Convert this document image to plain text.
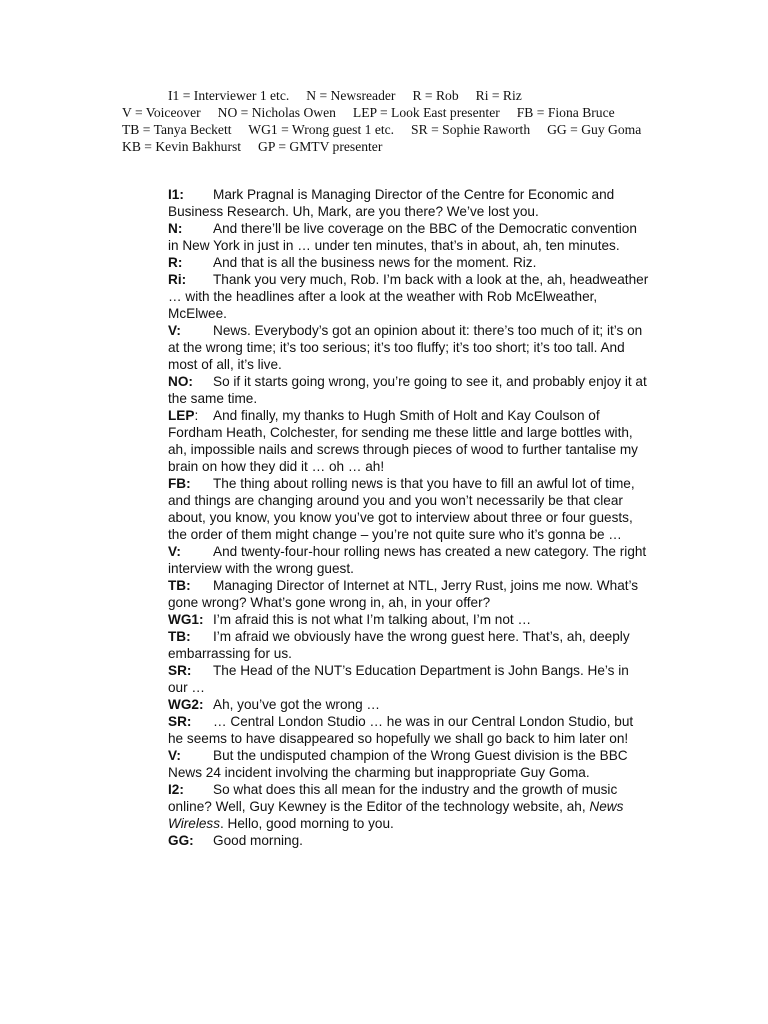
I1 = Interviewer 1 etc.     N = Newsreader     R = Rob     Ri = Riz
V = Voiceover     NO = Nicholas Owen     LEP = Look East presenter     FB = Fiona Bruce     TB = Tanya Beckett     WG1 = Wrong guest 1 etc.     SR = Sophie Raworth     GG = Guy Goma     KB = Kevin Bakhurst     GP = GMTV presenter

I1: Mark Pragnal is Managing Director of the Centre for Economic and Business Research. Uh, Mark, are you there? We’ve lost you.

N: And there’ll be live coverage on the BBC of the Democratic convention in New York in just in … under ten minutes, that’s in about, ah, ten minutes.

R: And that is all the business news for the moment. Riz.

Ri: Thank you very much, Rob. I’m back with a look at the, ah, headweather … with the headlines after a look at the weather with Rob McElweather, McElwee.

V: News. Everybody’s got an opinion about it: there’s too much of it; it’s on at the wrong time; it’s too serious; it’s too fluffy; it’s too short; it’s too tall. And most of all, it’s live.

NO: So if it starts going wrong, you’re going to see it, and probably enjoy it at the same time.

LEP: And finally, my thanks to Hugh Smith of Holt and Kay Coulson of Fordham Heath, Colchester, for sending me these little and large bottles with, ah, impossible nails and screws through pieces of wood to further tantalise my brain on how they did it … oh … ah!

FB: The thing about rolling news is that you have to fill an awful lot of time, and things are changing around you and you won’t necessarily be that clear about, you know, you know you’ve got to interview about three or four guests, the order of them might change – you’re not quite sure who it’s gonna be …

V: And twenty-four-hour rolling news has created a new category. The right interview with the wrong guest.

TB: Managing Director of Internet at NTL, Jerry Rust, joins me now. What’s gone wrong? What’s gone wrong in, ah, in your offer?

WG1: I’m afraid this is not what I’m talking about, I’m not …

TB: I’m afraid we obviously have the wrong guest here. That’s, ah, deeply embarrassing for us.

SR: The Head of the NUT’s Education Department is John Bangs. He’s in our …

WG2: Ah, you’ve got the wrong …

SR: … Central London Studio … he was in our Central London Studio, but he seems to have disappeared so hopefully we shall go back to him later on!

V: But the undisputed champion of the Wrong Guest division is the BBC News 24 incident involving the charming but inappropriate Guy Goma.

I2: So what does this all mean for the industry and the growth of music online? Well, Guy Kewney is the Editor of the technology website, ah, News Wireless. Hello, good morning to you.

GG: Good morning.
